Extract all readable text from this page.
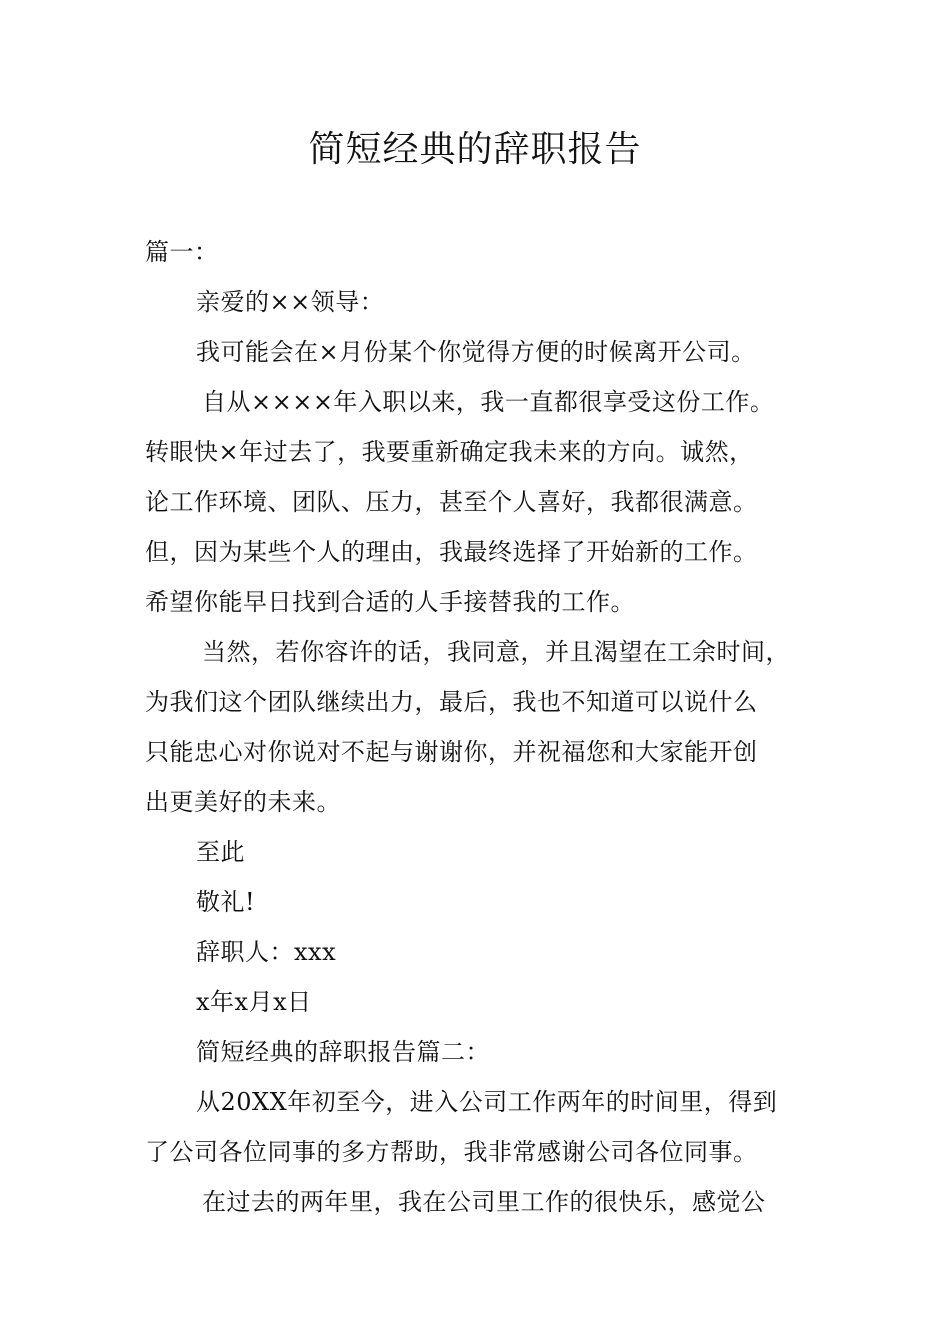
简短经典的辞职报告
篇一：
亲爱的××领导：
我可能会在×月份某个你觉得方便的时候离开公司。
自从××××年入职以来，我一直都很享受这份工作。
转眼快×年过去了，我要重新确定我未来的方向。诚然，
论工作环境、团队、压力，甚至个人喜好，我都很满意。
但，因为某些个人的理由，我最终选择了开始新的工作。
希望你能早日找到合适的人手接替我的工作。
当然，若你容许的话，我同意，并且渴望在工余时间，
为我们这个团队继续出力，最后，我也不知道可以说什么
只能忠心对你说对不起与谢谢你，并祝福您和大家能开创
出更美好的未来。
至此
敬礼!
辞职人：xxx
x年x月x日
简短经典的辞职报告篇二：
从20XX年初至今，进入公司工作两年的时间里，得到
了公司各位同事的多方帮助，我非常感谢公司各位同事。
在过去的两年里，我在公司里工作的很快乐，感觉公
